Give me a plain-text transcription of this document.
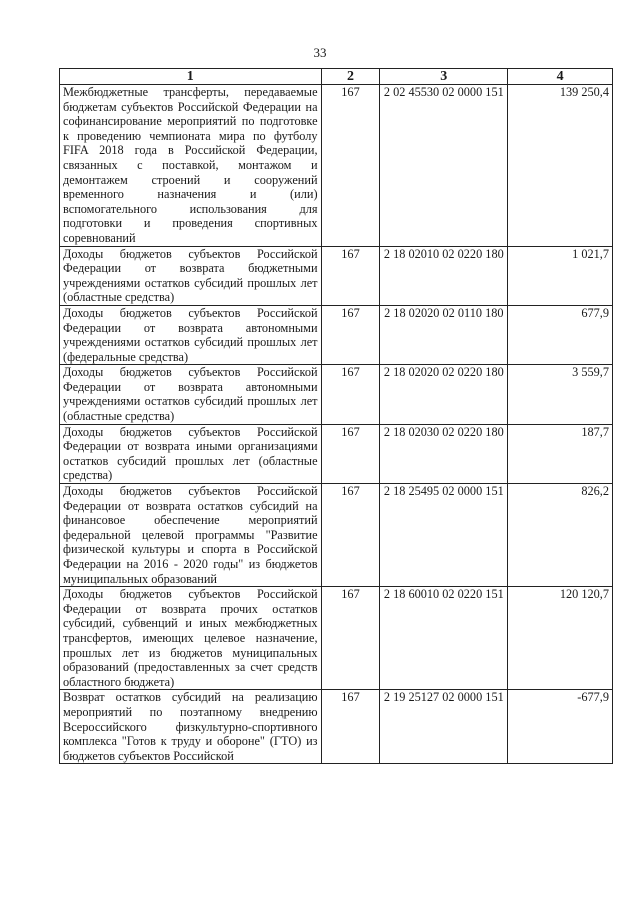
33
1	2	3	4
Межбюджетные трансферты, передаваемые бюджетам субъектов Российской Федерации на софинансирование мероприятий по подготовке к проведению чемпионата мира по футболу FIFA 2018 года в Российской Федерации, связанных с поставкой, монтажом и демонтажем строений и сооружений временного назначения и (или) вспомогательного использования для подготовки и проведения спортивных соревнований	167	2 02 45530 02 0000 151	139 250,4
Доходы бюджетов субъектов Российской Федерации от возврата бюджетными учреждениями остатков субсидий прошлых лет (областные средства)	167	2 18 02010 02 0220 180	1 021,7
Доходы бюджетов субъектов Российской Федерации от возврата автономными учреждениями остатков субсидий прошлых лет (федеральные средства)	167	2 18 02020 02 0110 180	677,9
Доходы бюджетов субъектов Российской Федерации от возврата автономными учреждениями остатков субсидий прошлых лет (областные средства)	167	2 18 02020 02 0220 180	3 559,7
Доходы бюджетов субъектов Российской Федерации от возврата иными организациями остатков субсидий прошлых лет (областные средства)	167	2 18 02030 02 0220 180	187,7
Доходы бюджетов субъектов Российской Федерации от возврата остатков субсидий на финансовое обеспечение мероприятий федеральной целевой программы "Развитие физической культуры и спорта в Российской Федерации на 2016 - 2020 годы" из бюджетов муниципальных образований	167	2 18 25495 02 0000 151	826,2
Доходы бюджетов субъектов Российской Федерации от возврата прочих остатков субсидий, субвенций и иных межбюджетных трансфертов, имеющих целевое назначение, прошлых лет из бюджетов муниципальных образований (предоставленных за счет средств областного бюджета)	167	2 18 60010 02 0220 151	120 120,7
Возврат остатков субсидий на реализацию мероприятий по поэтапному внедрению Всероссийского физкультурно-спортивного комплекса "Готов к труду и обороне" (ГТО) из бюджетов субъектов Российской	167	2 19 25127 02 0000 151	-677,9
